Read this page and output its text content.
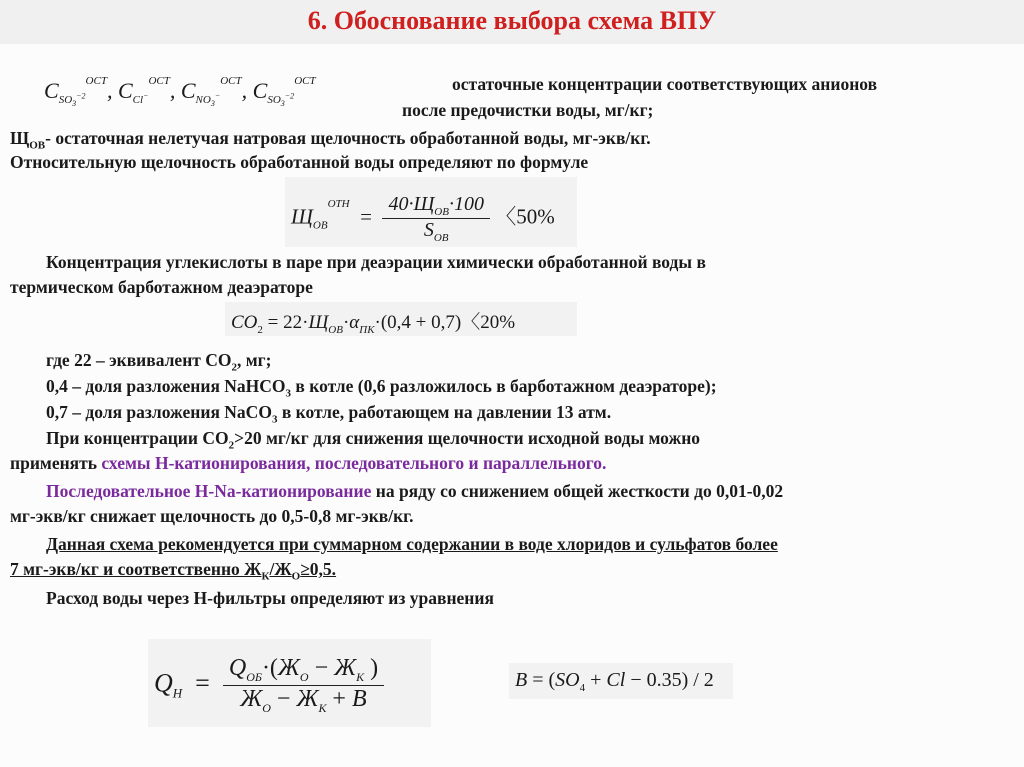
6. Обоснование выбора схема ВПУ
$C_{SO_3^{-2}}^{ОСТ}$, $C_{Cl^-}^{ОСТ}$, $C_{NO_3^-}^{ОСТ}$, $C_{SO_3^{-2}}^{ОСТ}$	остаточные концентрации соответствующих анионов
после предочистки воды, мг/кг;
$Щ_{ОВ}-$ остаточная нелетучая натровая щелочность обработанной воды, мг-экв/кг.
Относительную щелочность обработанной воды определяют по формуле
$Щ_{ОВ}^{ОТН} = \frac{40\cdot Щ_{ОВ}\cdot 100}{S_{ОВ}}$ 〈50%
Концентрация углекислоты в паре при деаэрации химически обработанной воды в
термическом барботажном деаэраторе
$CO_2 = 22\cdot Щ_{ОВ}\cdot\alpha_{ПК}\cdot(0,4 + 0,7)$〈20%
где 22 – эквивалент $CO_2$, мг;
0,4 – доля разложения NaHCO$_3$ в котле (0,6 разложилось в барботажном деаэраторе);
0,7 – доля разложения NaCO$_3$ в котле, работающем на давлении 13 атм.
При концентрации $CO_2>20$ мг/кг для снижения щелочности исходной воды можно
применять схемы Н-катионирования, последовательного и параллельного.
Последовательное Н-Na-катионирование на ряду со снижением общей жесткости до 0,01-0,02
мг-экв/кг снижает щелочность до 0,5-0,8 мг-экв/кг.
Данная схема рекомендуется при суммарном содержании в воде хлоридов и сульфатов более
7 мг-экв/кг и соответственно $Ж_К/Ж_О\ge 0,5$.
Расход воды через Н-фильтры определяют из уравнения
$Q_Н = \frac{Q_{ОБ}\cdot(Ж_О - Ж_К )}{Ж_О - Ж_К + B}$	$B = (SO_4 + Cl - 0.35) / 2$
